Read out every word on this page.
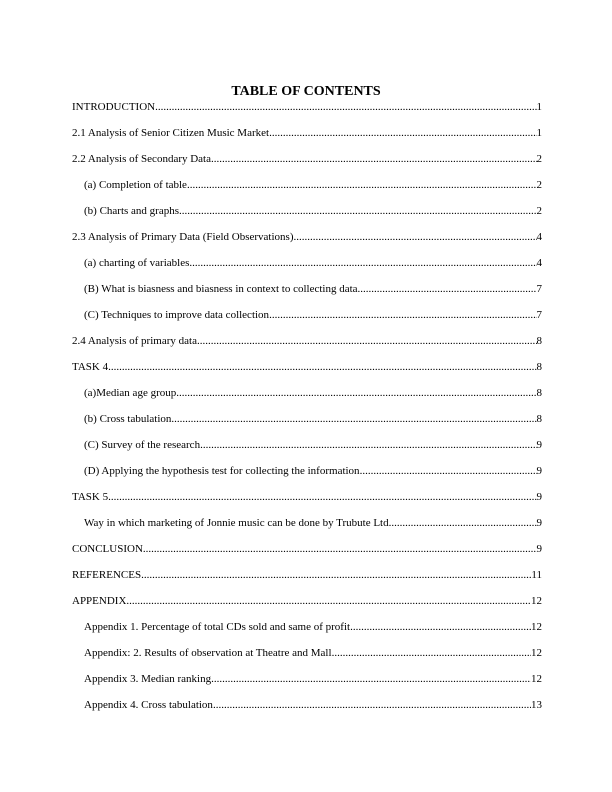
TABLE OF CONTENTS
INTRODUCTION .....	1
2.1 Analysis of Senior Citizen Music Market .....	1
2.2 Analysis of Secondary Data .....	2
(a) Completion of table .....	2
(b) Charts and graphs .....	2
2.3 Analysis of Primary Data (Field Observations) .....	4
(a) charting of variables .....	4
(B) What is biasness and biasness in context to collecting data .....	7
(C) Techniques to improve data collection .....	7
2.4 Analysis of primary data .....	8
TASK 4 .....	8
(a)Median age group .....	8
(b) Cross tabulation .....	8
(C) Survey of the research .....	9
(D) Applying the hypothesis test for collecting the information .....	9
TASK 5 .....	9
Way in which marketing of Jonnie music can be done by Trubute Ltd .....	9
CONCLUSION .....	9
REFERENCES .....	11
APPENDIX .....	12
Appendix 1. Percentage of total CDs sold and same of profit .....	12
Appendix: 2. Results of observation at Theatre and Mall .....	12
Appendix 3. Median ranking .....	12
Appendix 4. Cross tabulation .....	13
